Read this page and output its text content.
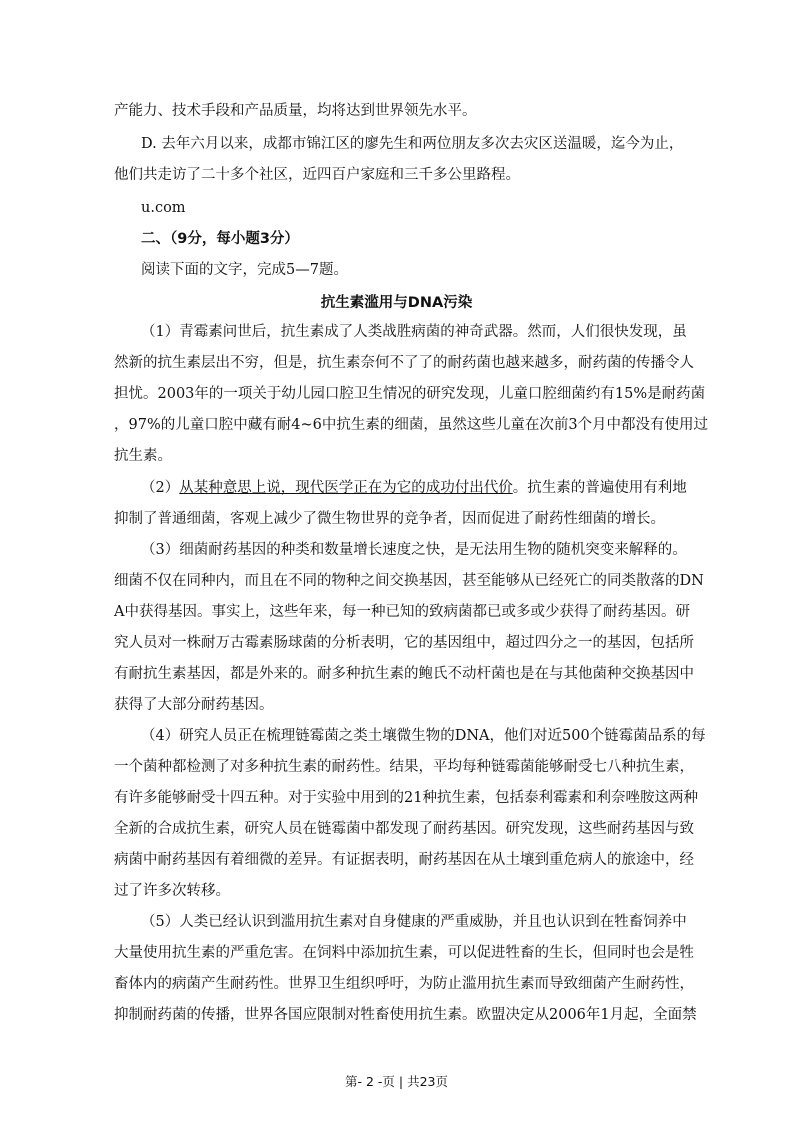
产能力、技术手段和产品质量，均将达到世界领先水平。
D. 去年六月以来，成都市锦江区的廖先生和两位朋友多次去灾区送温暖，迄今为止，
他们共走访了二十多个社区，近四百户家庭和三千多公里路程。
u.com
二、（9分，每小题3分）
阅读下面的文字，完成5—7题。
抗生素滥用与DNA污染
（1）青霉素问世后，抗生素成了人类战胜病菌的神奇武器。然而，人们很快发现，虽
然新的抗生素层出不穷，但是，抗生素奈何不了了的耐药菌也越来越多，耐药菌的传播令人
担忧。2003年的一项关于幼儿园口腔卫生情况的研究发现，儿童口腔细菌约有15%是耐药菌
，97%的儿童口腔中藏有耐4~6中抗生素的细菌，虽然这些儿童在次前3个月中都没有使用过
抗生素。
（2）从某种意思上说，现代医学正在为它的成功付出代价。抗生素的普遍使用有利地
抑制了普通细菌，客观上减少了微生物世界的竞争者，因而促进了耐药性细菌的增长。
（3）细菌耐药基因的种类和数量增长速度之快，是无法用生物的随机突变来解释的。
细菌不仅在同种内，而且在不同的物种之间交换基因，甚至能够从已经死亡的同类散落的DN
A中获得基因。事实上，这些年来，每一种已知的致病菌都已或多或少获得了耐药基因。研
究人员对一株耐万古霉素肠球菌的分析表明，它的基因组中，超过四分之一的基因，包括所
有耐抗生素基因，都是外来的。耐多种抗生素的鲍氏不动杆菌也是在与其他菌种交换基因中
获得了大部分耐药基因。
（4）研究人员正在梳理链霉菌之类土壤微生物的DNA，他们对近500个链霉菌品系的每
一个菌种都检测了对多种抗生素的耐药性。结果，平均每种链霉菌能够耐受七八种抗生素，
有许多能够耐受十四五种。对于实验中用到的21种抗生素，包括泰利霉素和利奈唑胺这两种
全新的合成抗生素，研究人员在链霉菌中都发现了耐药基因。研究发现，这些耐药基因与致
病菌中耐药基因有着细微的差异。有证据表明，耐药基因在从土壤到重危病人的旅途中，经
过了许多次转移。
（5）人类已经认识到滥用抗生素对自身健康的严重威胁，并且也认识到在牲畜饲养中
大量使用抗生素的严重危害。在饲料中添加抗生素，可以促进牲畜的生长，但同时也会是牲
畜体内的病菌产生耐药性。世界卫生组织呼吁，为防止滥用抗生素而导致细菌产生耐药性，
抑制耐药菌的传播，世界各国应限制对牲畜使用抗生素。欧盟决定从2006年1月起，全面禁
第- 2 -页 | 共23页
